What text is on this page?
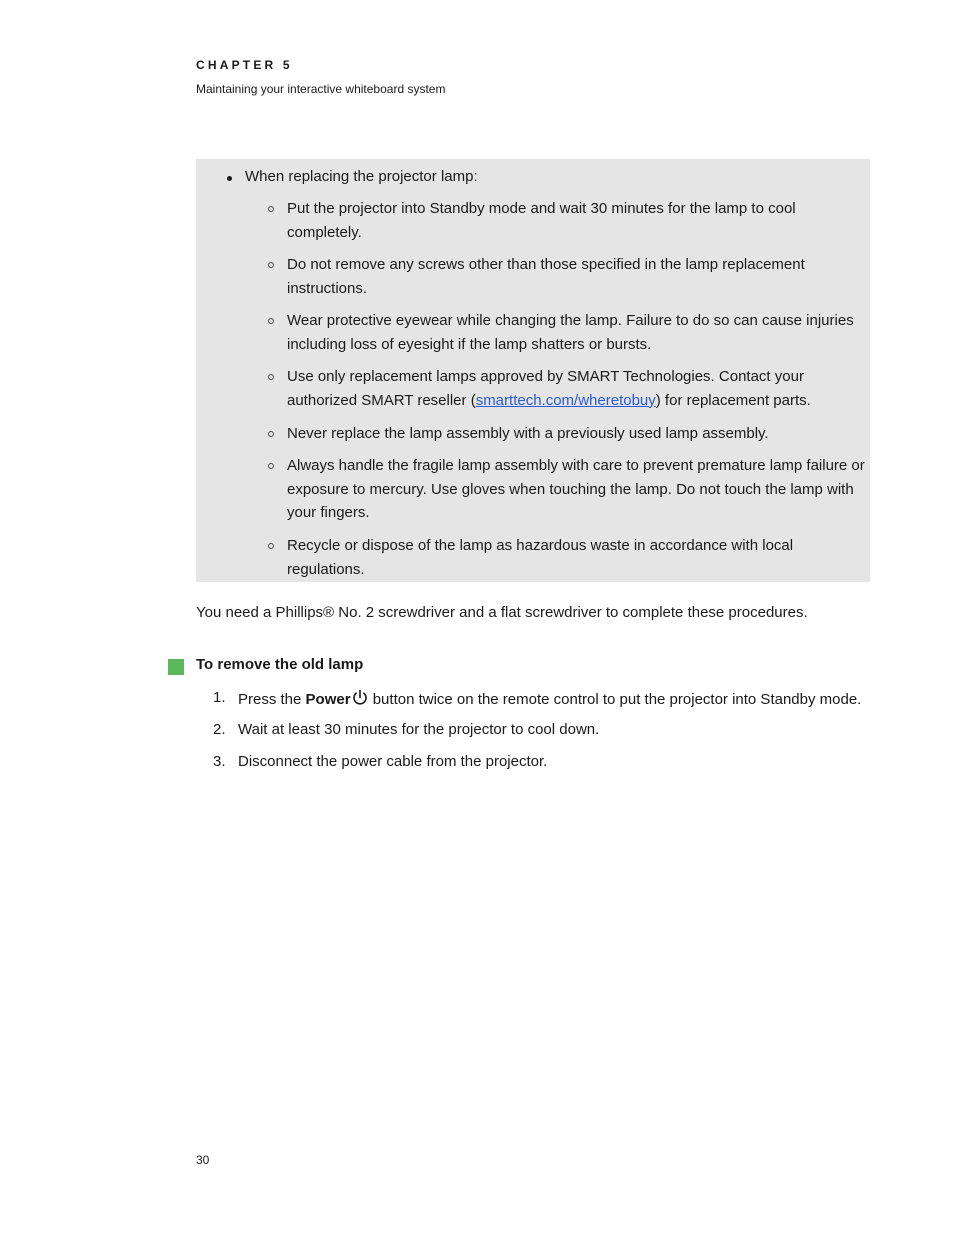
CHAPTER 5
Maintaining your interactive whiteboard system
When replacing the projector lamp:
Put the projector into Standby mode and wait 30 minutes for the lamp to cool completely.
Do not remove any screws other than those specified in the lamp replacement instructions.
Wear protective eyewear while changing the lamp. Failure to do so can cause injuries including loss of eyesight if the lamp shatters or bursts.
Use only replacement lamps approved by SMART Technologies. Contact your authorized SMART reseller (smarttech.com/wheretobuy) for replacement parts.
Never replace the lamp assembly with a previously used lamp assembly.
Always handle the fragile lamp assembly with care to prevent premature lamp failure or exposure to mercury. Use gloves when touching the lamp. Do not touch the lamp with your fingers.
Recycle or dispose of the lamp as hazardous waste in accordance with local regulations.
You need a Phillips® No. 2 screwdriver and a flat screwdriver to complete these procedures.
To remove the old lamp
1. Press the Power button twice on the remote control to put the projector into Standby mode.
2. Wait at least 30 minutes for the projector to cool down.
3. Disconnect the power cable from the projector.
30
